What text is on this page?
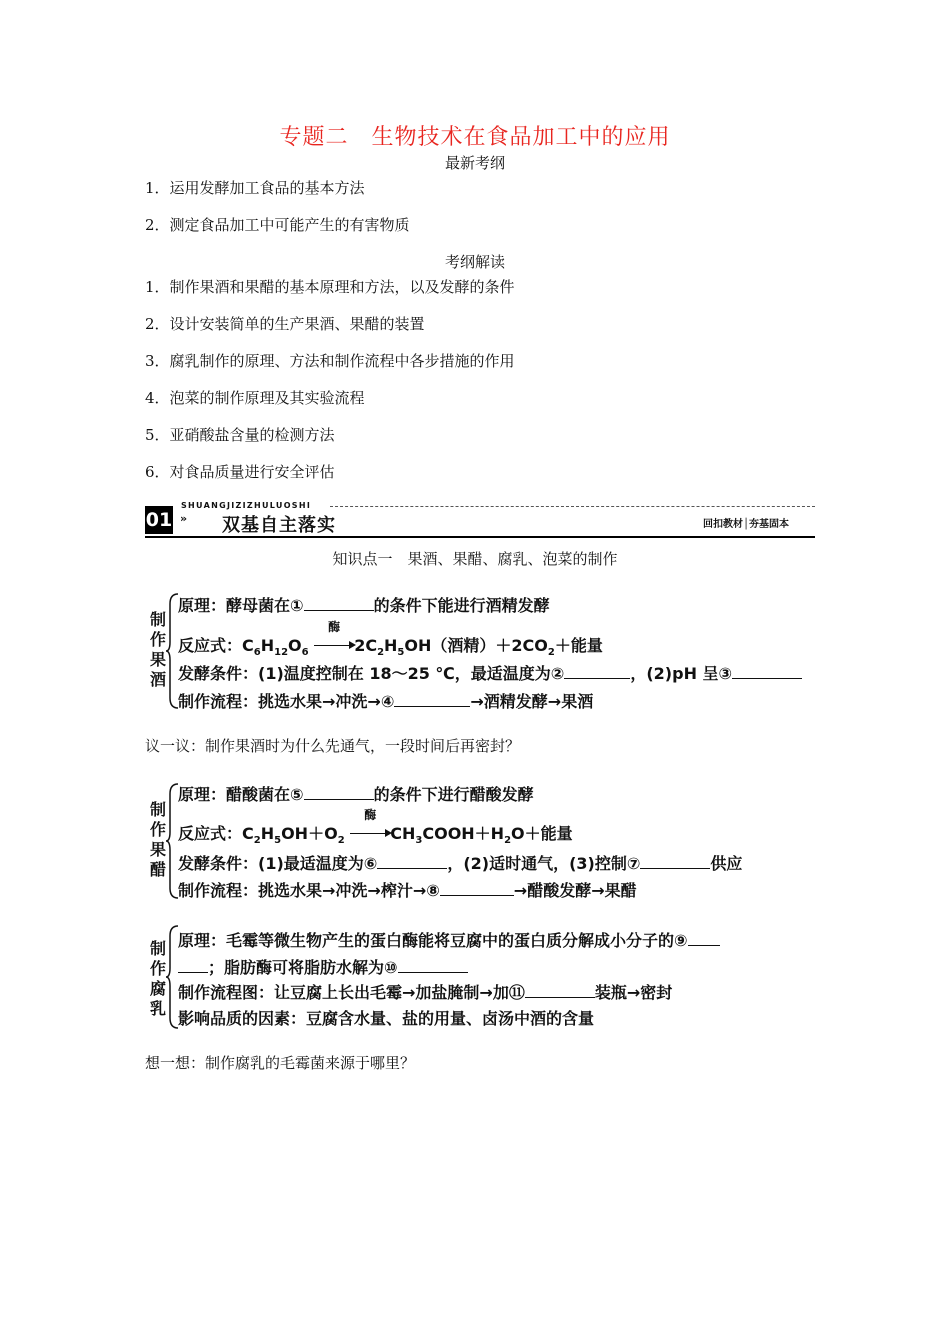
专题二　生物技术在食品加工中的应用
最新考纲
1．运用发酵加工食品的基本方法
2．测定食品加工中可能产生的有害物质
考纲解读
1．制作果酒和果醋的基本原理和方法，以及发酵的条件
2．设计安装简单的生产果酒、果醋的装置
3．腐乳制作的原理、方法和制作流程中各步措施的作用
4．泡菜的制作原理及其实验流程
5．亚硝酸盐含量的检测方法
6．对食品质量进行安全评估
SHUANGJIZIZHULUOSHI
01 » 双基自主落实	回扣教材│夯基固本
知识点一　果酒、果醋、腐乳、泡菜的制作
制
作
果
酒
原理：酵母菌在①	的条件下能进行酒精发酵
反应式：$C_6H_{12}O_6$
酶
$2C_2H_5OH$（酒精）$+2CO_2+$能量
发酵条件：(1)温度控制在 18～25 ℃，最适温度为②	，(2)pH 呈③
制作流程：挑选水果→冲洗→④	→酒精发酵→果酒
议一议：制作果酒时为什么先通气，一段时间后再密封？
制
作
果
醋
原理：醋酸菌在⑤	的条件下进行醋酸发酵
反应式：$C_2H_5OH+O_2$
酶
$CH_3COOH+H_2O+$能量
发酵条件：(1)最适温度为⑥	，(2)适时通气，(3)控制⑦	供应
制作流程：挑选水果→冲洗→榨汁→⑧	→醋酸发酵→果醋
制
作
腐
乳
原理：毛霉等微生物产生的蛋白酶能将豆腐中的蛋白质分解成小分子的⑨
；脂肪酶可将脂肪水解为⑩
制作流程图：让豆腐上长出毛霉→加盐腌制→加⑪	装瓶→密封
影响品质的因素：豆腐含水量、盐的用量、卤汤中酒的含量
想一想：制作腐乳的毛霉菌来源于哪里？
